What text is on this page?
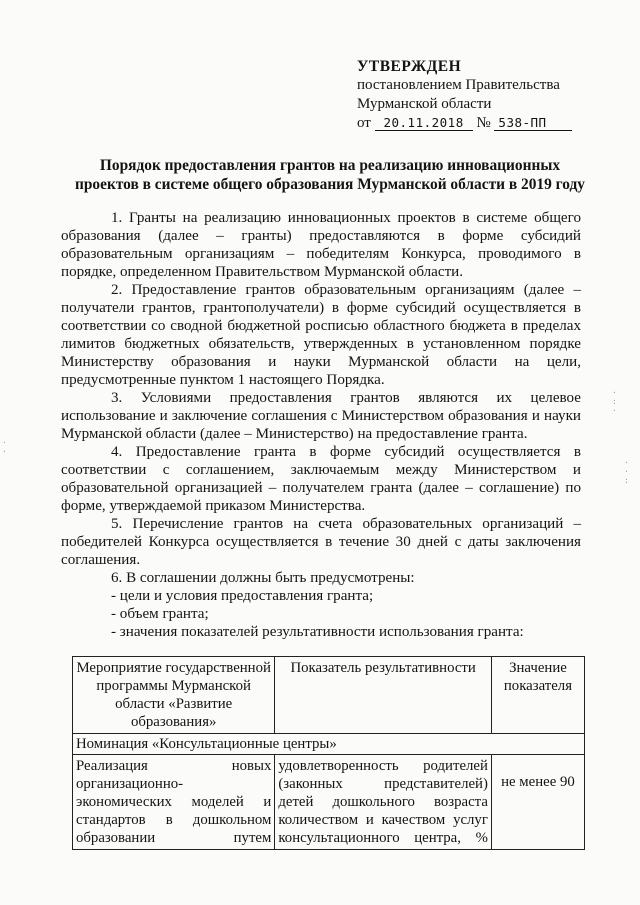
УТВЕРЖДЕН
постановлением Правительства
Мурманской области
от 20.11.2018 № 538-ПП
Порядок предоставления грантов на реализацию инновационных
проектов в системе общего образования Мурманской области в 2019 году

1. Гранты на реализацию инновационных проектов в системе общего образования (далее – гранты) предоставляются в форме субсидий образовательным организациям – победителям Конкурса, проводимого в порядке, определенном Правительством Мурманской области.

2. Предоставление грантов образовательным организациям (далее – получатели грантов, грантополучатели) в форме субсидий осуществляется в соответствии со сводной бюджетной росписью областного бюджета в пределах лимитов бюджетных обязательств, утвержденных в установленном порядке Министерству образования и науки Мурманской области на цели, предусмотренные пунктом 1 настоящего Порядка.

3. Условиями предоставления грантов являются их целевое использование и заключение соглашения с Министерством образования и науки Мурманской области (далее – Министерство) на предоставление гранта.

4. Предоставление гранта в форме субсидий осуществляется в соответствии с соглашением, заключаемым между Министерством и образовательной организацией – получателем гранта (далее – соглашение) по форме, утверждаемой приказом Министерства.

5. Перечисление грантов на счета образовательных организаций – победителей Конкурса осуществляется в течение 30 дней с даты заключения соглашения.

6. В соглашении должны быть предусмотрены:

- цели и условия предоставления гранта;

- объем гранта;

- значения показателей результативности использования гранта:

Мероприятие государственной программы Мурманской области «Развитие образования»	Показатель результативности	Значение показателя
Номинация «Консультационные центры»		
Реализация новых организационно-экономических моделей и стандартов в дошкольном образовании путем	удовлетворенность родителей (законных представителей) детей дошкольного возраста количеством и качеством услуг консультационного центра, %	не менее 90
·
:
·
·
·
:
·
·
